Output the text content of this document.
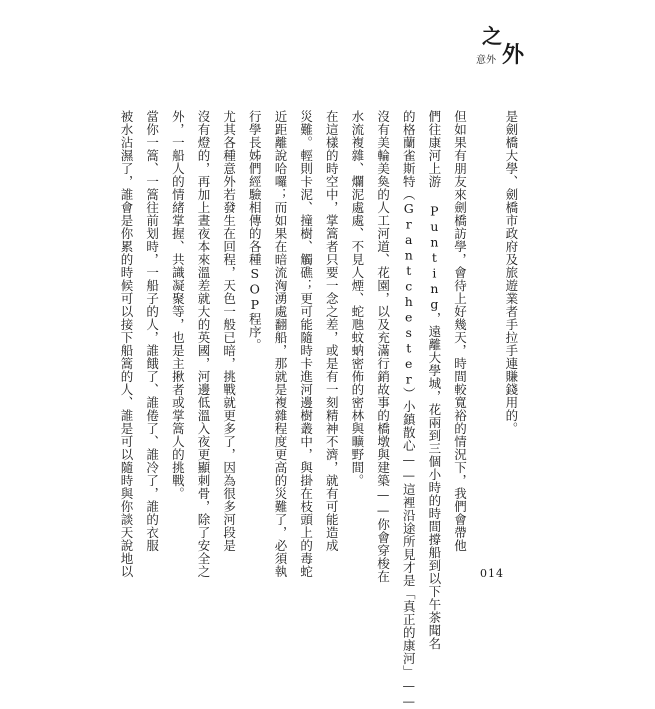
之
外
意外
是劍橋大學、劍橋市政府及旅遊業者手拉手連賺錢用的。
但如果有朋友來劍橋訪學，會待上好幾天，時間較寬裕的情況下，我們會帶他
們往康河上游 Punting，遠離大學城，花兩到三個小時的時間撐船到以下午茶聞名
的格蘭雀斯特（Grantchester）小鎮散心——這裡沿途所見才是「真正的康河」——
沒有美輪美奐的人工河道、花園，以及充滿行銷故事的橋墩與建築——你會穿梭在
水流複雜、爛泥處處、不見人煙、蛇虺蚊蚋密佈的密林與曠野間。
在這樣的時空中，掌篙者只要一念之差，或是有一刻精神不濟，就有可能造成
災難。輕則卡泥、撞樹、觸礁；更可能隨時卡進河邊樹叢中，與掛在枝頭上的毒蛇
近距離說哈囉；而如果在暗流洶湧處翻船，那就是複雜程度更高的災難了，必須執
行學長姊們經驗相傳的各種SOP程序。
尤其各種意外若發生在回程，天色一般已暗，挑戰就更多了，因為很多河段是
沒有燈的，再加上晝夜本來溫差就大的英國，河邊低溫入夜更顯刺骨，除了安全之
外，一船人的情緒掌握、共識凝聚等，也是主揪者或掌篙人的挑戰。
當你一篙、一篙往前划時，一船子的人，誰餓了、誰倦了、誰冷了，誰的衣服
被水沾濕了，誰會是你累的時候可以接下船篙的人、誰是可以隨時與你談天說地以	014
